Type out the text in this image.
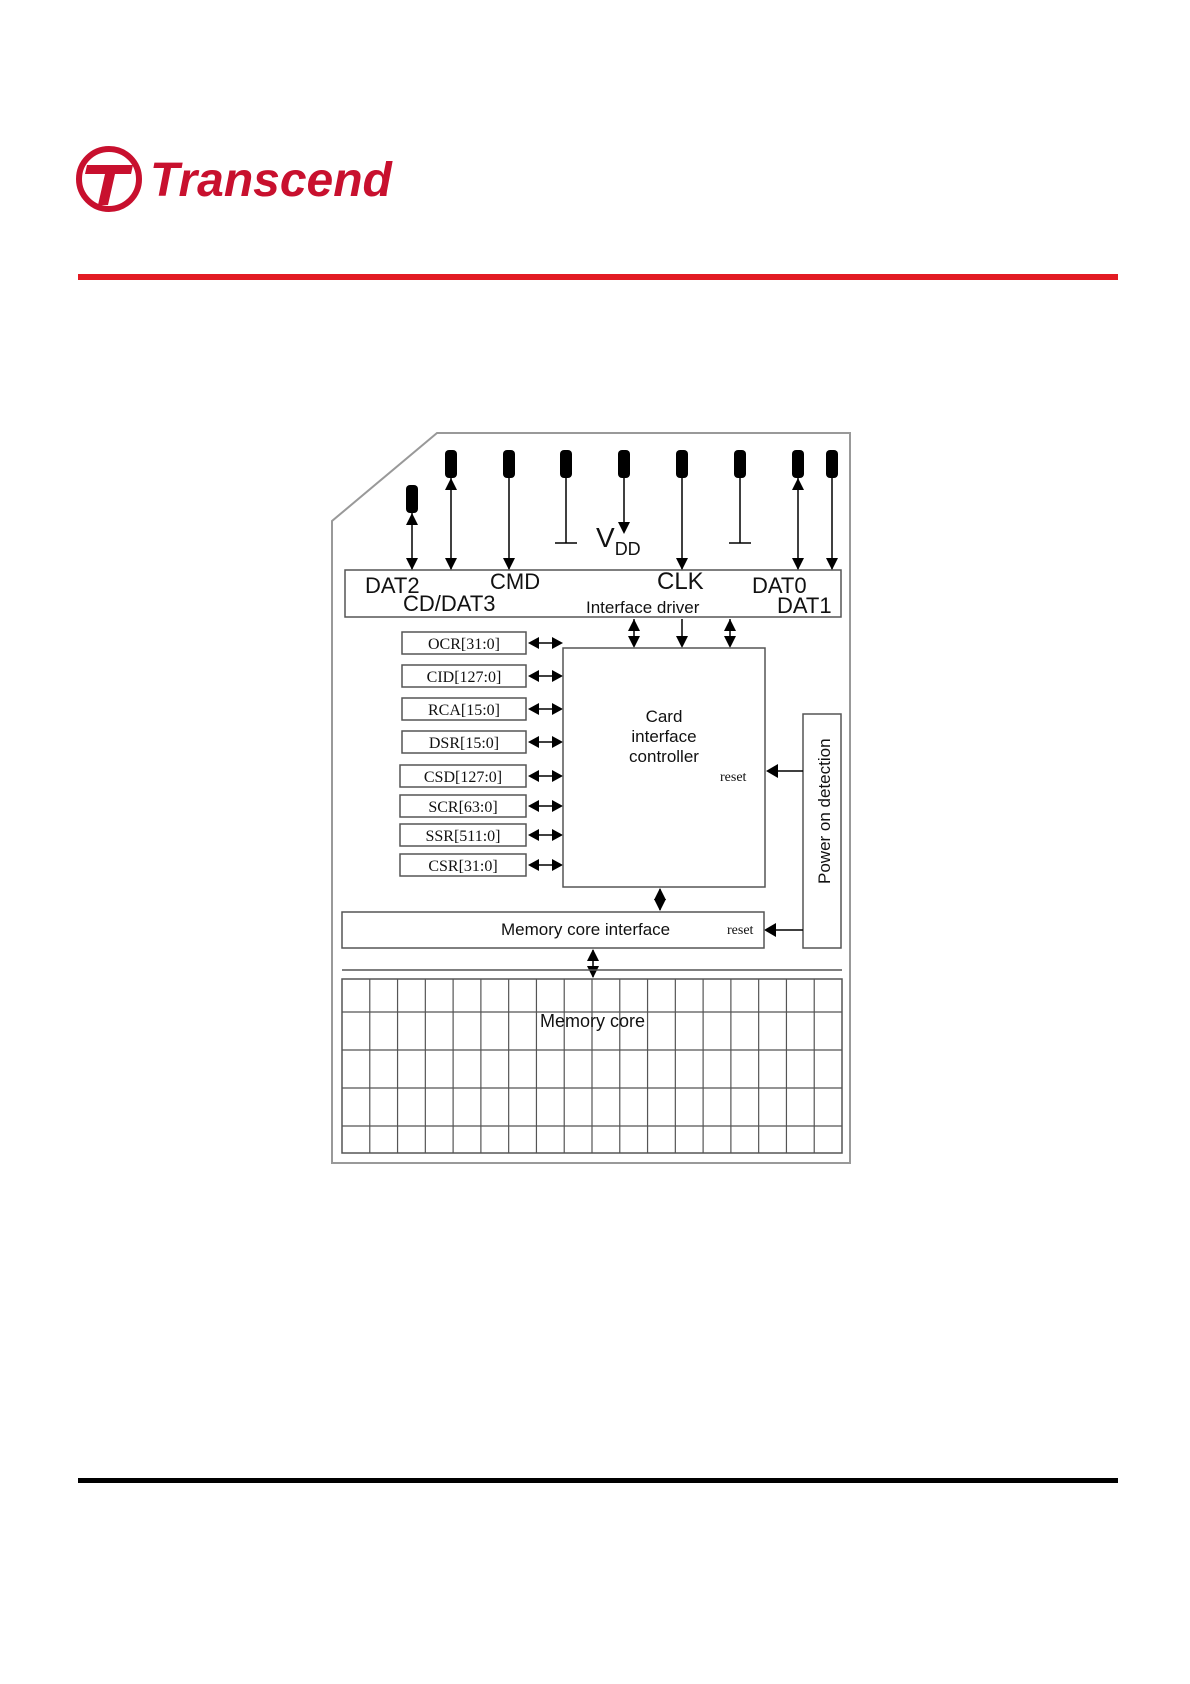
Transcend
DAT2
CD/DAT3
CMD
$V_{DD}$
CLK DAT0
DAT1
Interface driver
OCR[31:0]
CID[127:0]
RCA[15:0]
DSR[15:0]
CSD[127:0]
SCR[63:0]
SSR[511:0]
CSR[31:0]
Card
interface
controller
reset	Power on detection
Memory core interface	reset
Memory core
